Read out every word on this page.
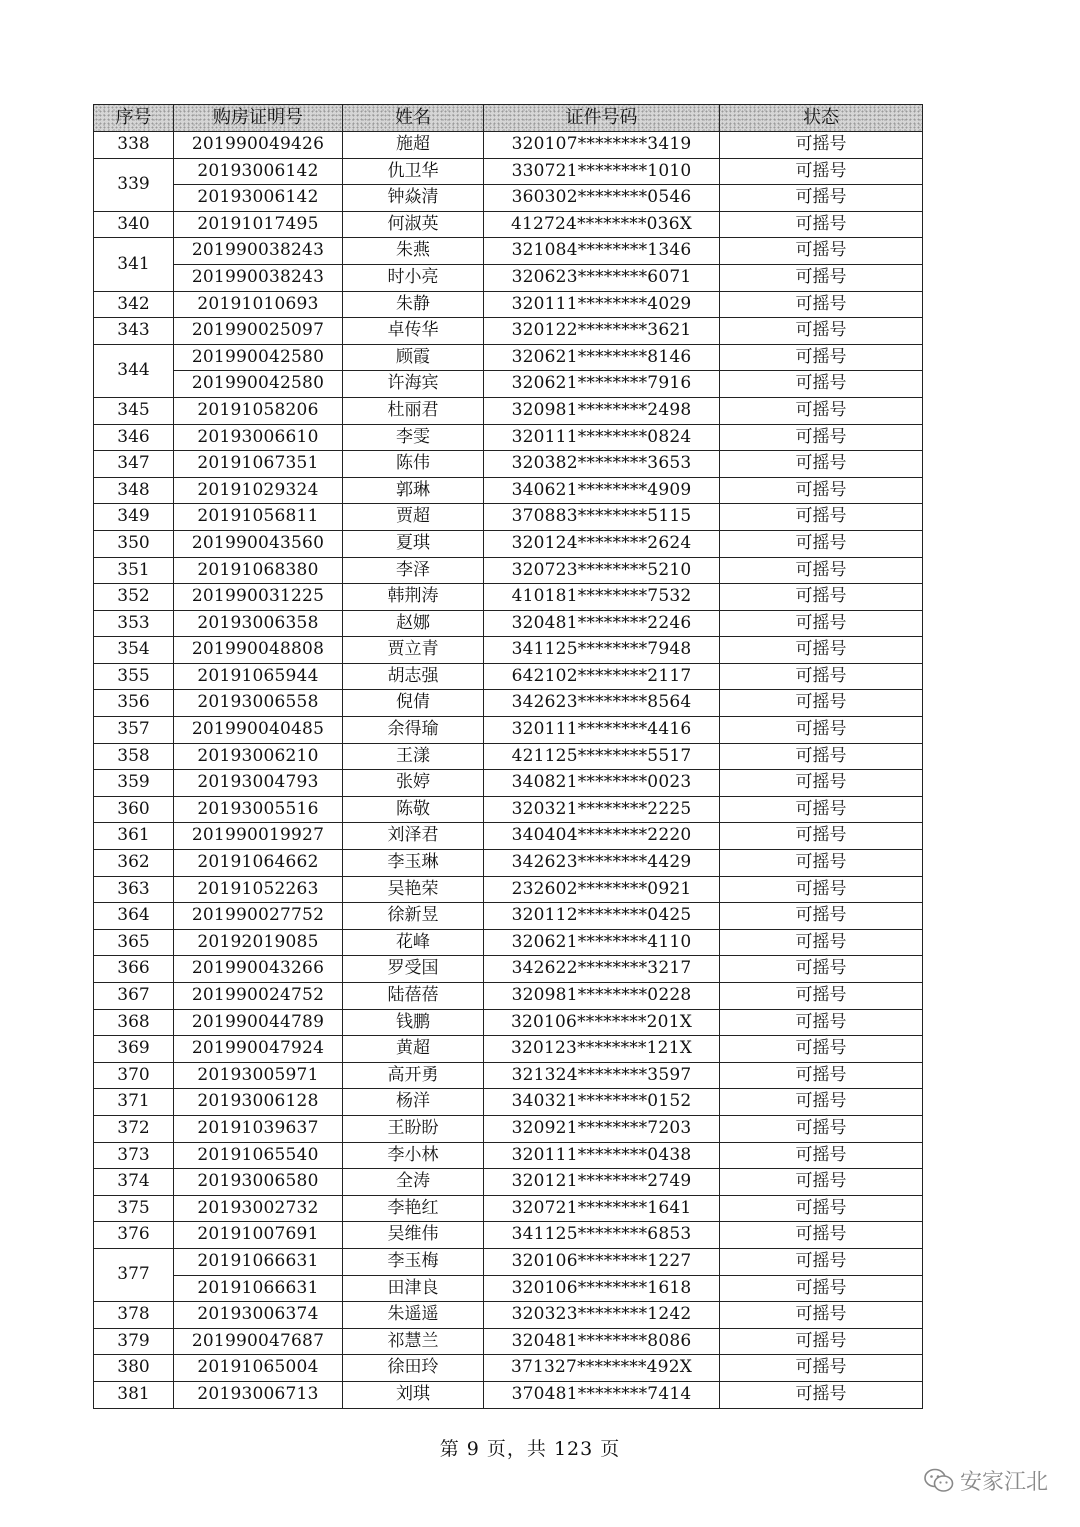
序号	购房证明号	姓名	证件号码	状态
338	201990049426	施超	320107********3419	可摇号
339	20193006142	仇卫华	330721********1010	可摇号
	20193006142	钟焱清	360302********0546	可摇号
340	20191017495	何淑英	412724********036X	可摇号
341	201990038243	朱燕	321084********1346	可摇号
	201990038243	时小亮	320623********6071	可摇号
342	20191010693	朱静	320111********4029	可摇号
343	201990025097	卓传华	320122********3621	可摇号
344	201990042580	顾霞	320621********8146	可摇号
	201990042580	许海宾	320621********7916	可摇号
345	20191058206	杜丽君	320981********2498	可摇号
346	20193006610	李雯	320111********0824	可摇号
347	20191067351	陈伟	320382********3653	可摇号
348	20191029324	郭琳	340621********4909	可摇号
349	20191056811	贾超	370883********5115	可摇号
350	201990043560	夏琪	320124********2624	可摇号
351	20191068380	李泽	320723********5210	可摇号
352	201990031225	韩荆涛	410181********7532	可摇号
353	20193006358	赵娜	320481********2246	可摇号
354	201990048808	贾立青	341125********7948	可摇号
355	20191065944	胡志强	642102********2117	可摇号
356	20193006558	倪倩	342623********8564	可摇号
357	201990040485	余得瑜	320111********4416	可摇号
358	20193006210	王漾	421125********5517	可摇号
359	20193004793	张婷	340821********0023	可摇号
360	20193005516	陈敬	320321********2225	可摇号
361	201990019927	刘泽君	340404********2220	可摇号
362	20191064662	李玉琳	342623********4429	可摇号
363	20191052263	吴艳荣	232602********0921	可摇号
364	201990027752	徐新昱	320112********0425	可摇号
365	20192019085	花峰	320621********4110	可摇号
366	201990043266	罗受国	342622********3217	可摇号
367	201990024752	陆蓓蓓	320981********0228	可摇号
368	201990044789	钱鹏	320106********201X	可摇号
369	201990047924	黄超	320123********121X	可摇号
370	20193005971	高开勇	321324********3597	可摇号
371	20193006128	杨洋	340321********0152	可摇号
372	20191039637	王盼盼	320921********7203	可摇号
373	20191065540	李小林	320111********0438	可摇号
374	20193006580	全涛	320121********2749	可摇号
375	20193002732	李艳红	320721********1641	可摇号
376	20191007691	吴维伟	341125********6853	可摇号
377	20191066631	李玉梅	320106********1227	可摇号
	20191066631	田津良	320106********1618	可摇号
378	20193006374	朱遥遥	320323********1242	可摇号
379	201990047687	祁慧兰	320481********8086	可摇号
380	20191065004	徐田玲	371327********492X	可摇号
381	20193006713	刘琪	370481********7414	可摇号
第 9 页，共 123 页
安家江北
